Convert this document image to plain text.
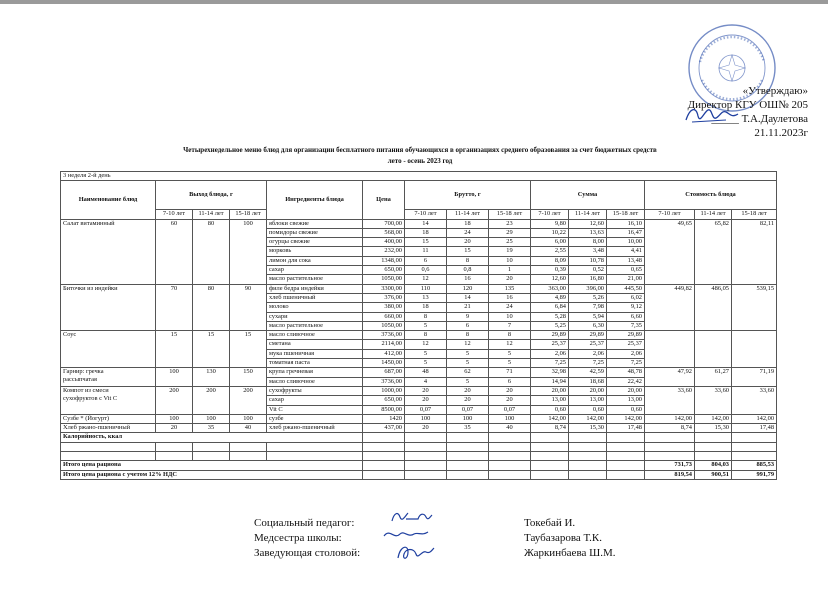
«Утверждаю»
Директор КГУ ОШ№ 205
_____ Т.А.Даулетова
21.11.2023г
Четырехнедельное меню блюд для организации бесплатного питания обучающихся в организациях среднего образования за счет бюджетных средств
лето - осень 2023 год
3 неделя 2-й день														
Наименование блюд	Выход блюда, г			Ингредиенты блюда	Цена	Брутто, г			Сумма			Стоимость блюда		
	7-10 лет	11-14 лет	15-18 лет			7-10 лет	11-14 лет	15-18 лет	7-10 лет	11-14 лет	15-18 лет	7-10 лет	11-14 лет	15-18 лет

Салат витаминный	60	80	100	яблоки свежие	700,00	14	18	23	9,80	12,60	16,10	49,65	65,82	82,11
				помидоры свежие	568,00	18	24	29	10,22	13,63	16,47			
				огурцы свежие	400,00	15	20	25	6,00	8,00	10,00			
				морковь	232,00	11	15	19	2,55	3,48	4,41			
				лимон для сока	1348,00	6	8	10	8,09	10,78	13,48			
				сахар	650,00	0,6	0,8	1	0,39	0,52	0,65			
				масло растительное	1050,00	12	16	20	12,60	16,80	21,00			

Биточки из индейки	70	80	90	филе бедра индейки	3300,00	110	120	135	363,00	396,00	445,50	449,82	486,05	539,15
				хлеб пшеничный	376,00	13	14	16	4,89	5,26	6,02			
				молоко	380,00	18	21	24	6,84	7,98	9,12			
				сухари	660,00	8	9	10	5,28	5,94	6,60			
				масло растительное	1050,00	5	6	7	5,25	6,30	7,35			

Соус	15	15	15	масло сливочное	3736,00	8	8	8	29,89	29,89	29,89			
				сметана	2114,00	12	12	12	25,37	25,37	25,37			
				мука пшеничная	412,00	5	5	5	2,06	2,06	2,06			
				томатная паста	1450,00	5	5	5	7,25	7,25	7,25			

Гарнир: гречка
рассыпчатая	100	130	150	крупа гречневая	687,00	48	62	71	32,98	42,59	48,78	47,92	61,27	71,19
				масло сливочное	3736,00	4	5	6	14,94	18,68	22,42			

Компот из смеси
сухофруктов с Vit C	200	200	200	сухофрукты	1000,00	20	20	20	20,00	20,00	20,00	33,60	33,60	33,60
				сахар	650,00	20	20	20	13,00	13,00	13,00			
				Vit C	8500,00	0,07	0,07	0,07	0,60	0,60	0,60			

Сузбе * (Йогурт)	100	100	100	сузбе	1420	100	100	100	142,00	142,00	142,00	142,00	142,00	142,00

Хлеб ржано-пшеничный	20	35	40	хлеб ржано-пшеничный	437,00	20	35	40	8,74	15,30	17,48	8,74	15,30	17,48
Калорийность, ккал														

Итого цена рациона												731,73	804,03	885,53
Итого цена рациона с учетом 12% НДС												819,54	900,51	991,79
Социальный педагог:	Токебай И.
Медсестра школы:	Таубазарова Т.К.
Заведующая столовой:	Жаркинбаева Ш.М.
